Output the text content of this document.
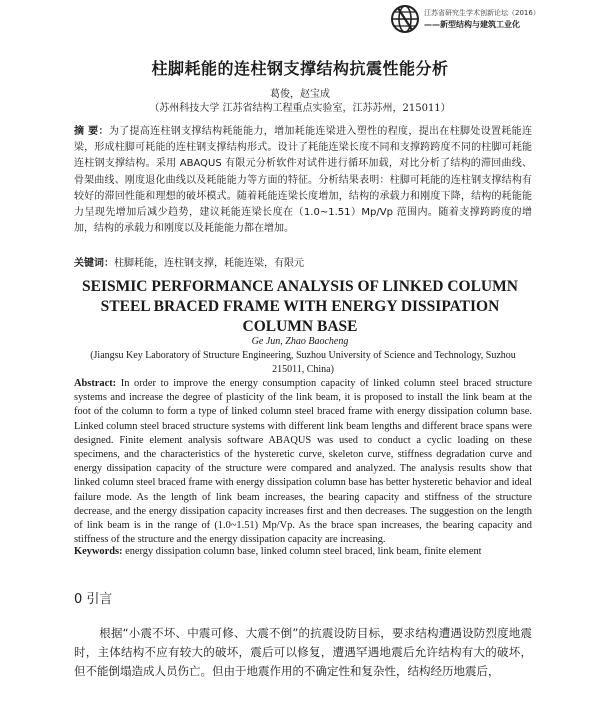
江苏省研究生学术创新论坛（2016）
——新型结构与建筑工业化
柱脚耗能的连柱钢支撑结构抗震性能分析
葛俊，赵宝成
（苏州科技大学 江苏省结构工程重点实验室，江苏苏州，215011）
摘 要：为了提高连柱钢支撑结构耗能能力，增加耗能连梁进入塑性的程度，提出在柱脚处设置耗能连梁，形成柱脚可耗能的连柱钢支撑结构形式。设计了耗能连梁长度不同和支撑跨跨度不同的柱脚可耗能连柱钢支撑结构。采用 ABAQUS 有限元分析软件对试件进行循环加载，对比分析了结构的滞回曲线、骨架曲线、刚度退化曲线以及耗能能力等方面的特征。分析结果表明：柱脚可耗能的连柱钢支撑结构有较好的滞回性能和理想的破坏模式。随着耗能连梁长度增加，结构的承载力和刚度下降，结构的耗能能力呈现先增加后减少趋势，建议耗能连梁长度在（1.0~1.51）Mp/Vp 范围内。随着支撑跨跨度的增加，结构的承载力和刚度以及耗能能力都在增加。
关键词：柱脚耗能，连柱钢支撑，耗能连梁，有限元
SEISMIC PERFORMANCE ANALYSIS OF LINKED COLUMN
STEEL BRACED FRAME WITH ENERGY DISSIPATION
COLUMN BASE
Ge Jun, Zhao Baocheng
(Jiangsu Key Laboratory of Structure Engineering, Suzhou University of Science and Technology, Suzhou 215011, China)
Abstract: In order to improve the energy consumption capacity of linked column steel braced structure systems and increase the degree of plasticity of the link beam, it is proposed to install the link beam at the foot of the column to form a type of linked column steel braced frame with energy dissipation column base. Linked column steel braced structure systems with different link beam lengths and different brace spans were designed. Finite element analysis software ABAQUS was used to conduct a cyclic loading on these specimens, and the characteristics of the hysteretic curve, skeleton curve, stiffness degradation curve and energy dissipation capacity of the structure were compared and analyzed. The analysis results show that linked column steel braced frame with energy dissipation column base has better hysteretic behavior and ideal failure mode. As the length of link beam increases, the bearing capacity and stiffness of the structure decrease, and the energy dissipation capacity increases first and then decreases. The suggestion on the length of link beam is in the range of (1.0~1.51) Mp/Vp. As the brace span increases, the bearing capacity and stiffness of the structure and the energy dissipation capacity are increasing.
Keywords: energy dissipation column base, linked column steel braced, link beam, finite element
0 引言
根据“小震不坏、中震可修、大震不倒”的抗震设防目标，要求结构遭遇设防烈度地震时，主体结构不应有较大的破坏，震后可以修复，遭遇罕遇地震后允许结构有大的破坏，但不能倒塌造成人员伤亡。但由于地震作用的不确定性和复杂性，结构经历地震后，
